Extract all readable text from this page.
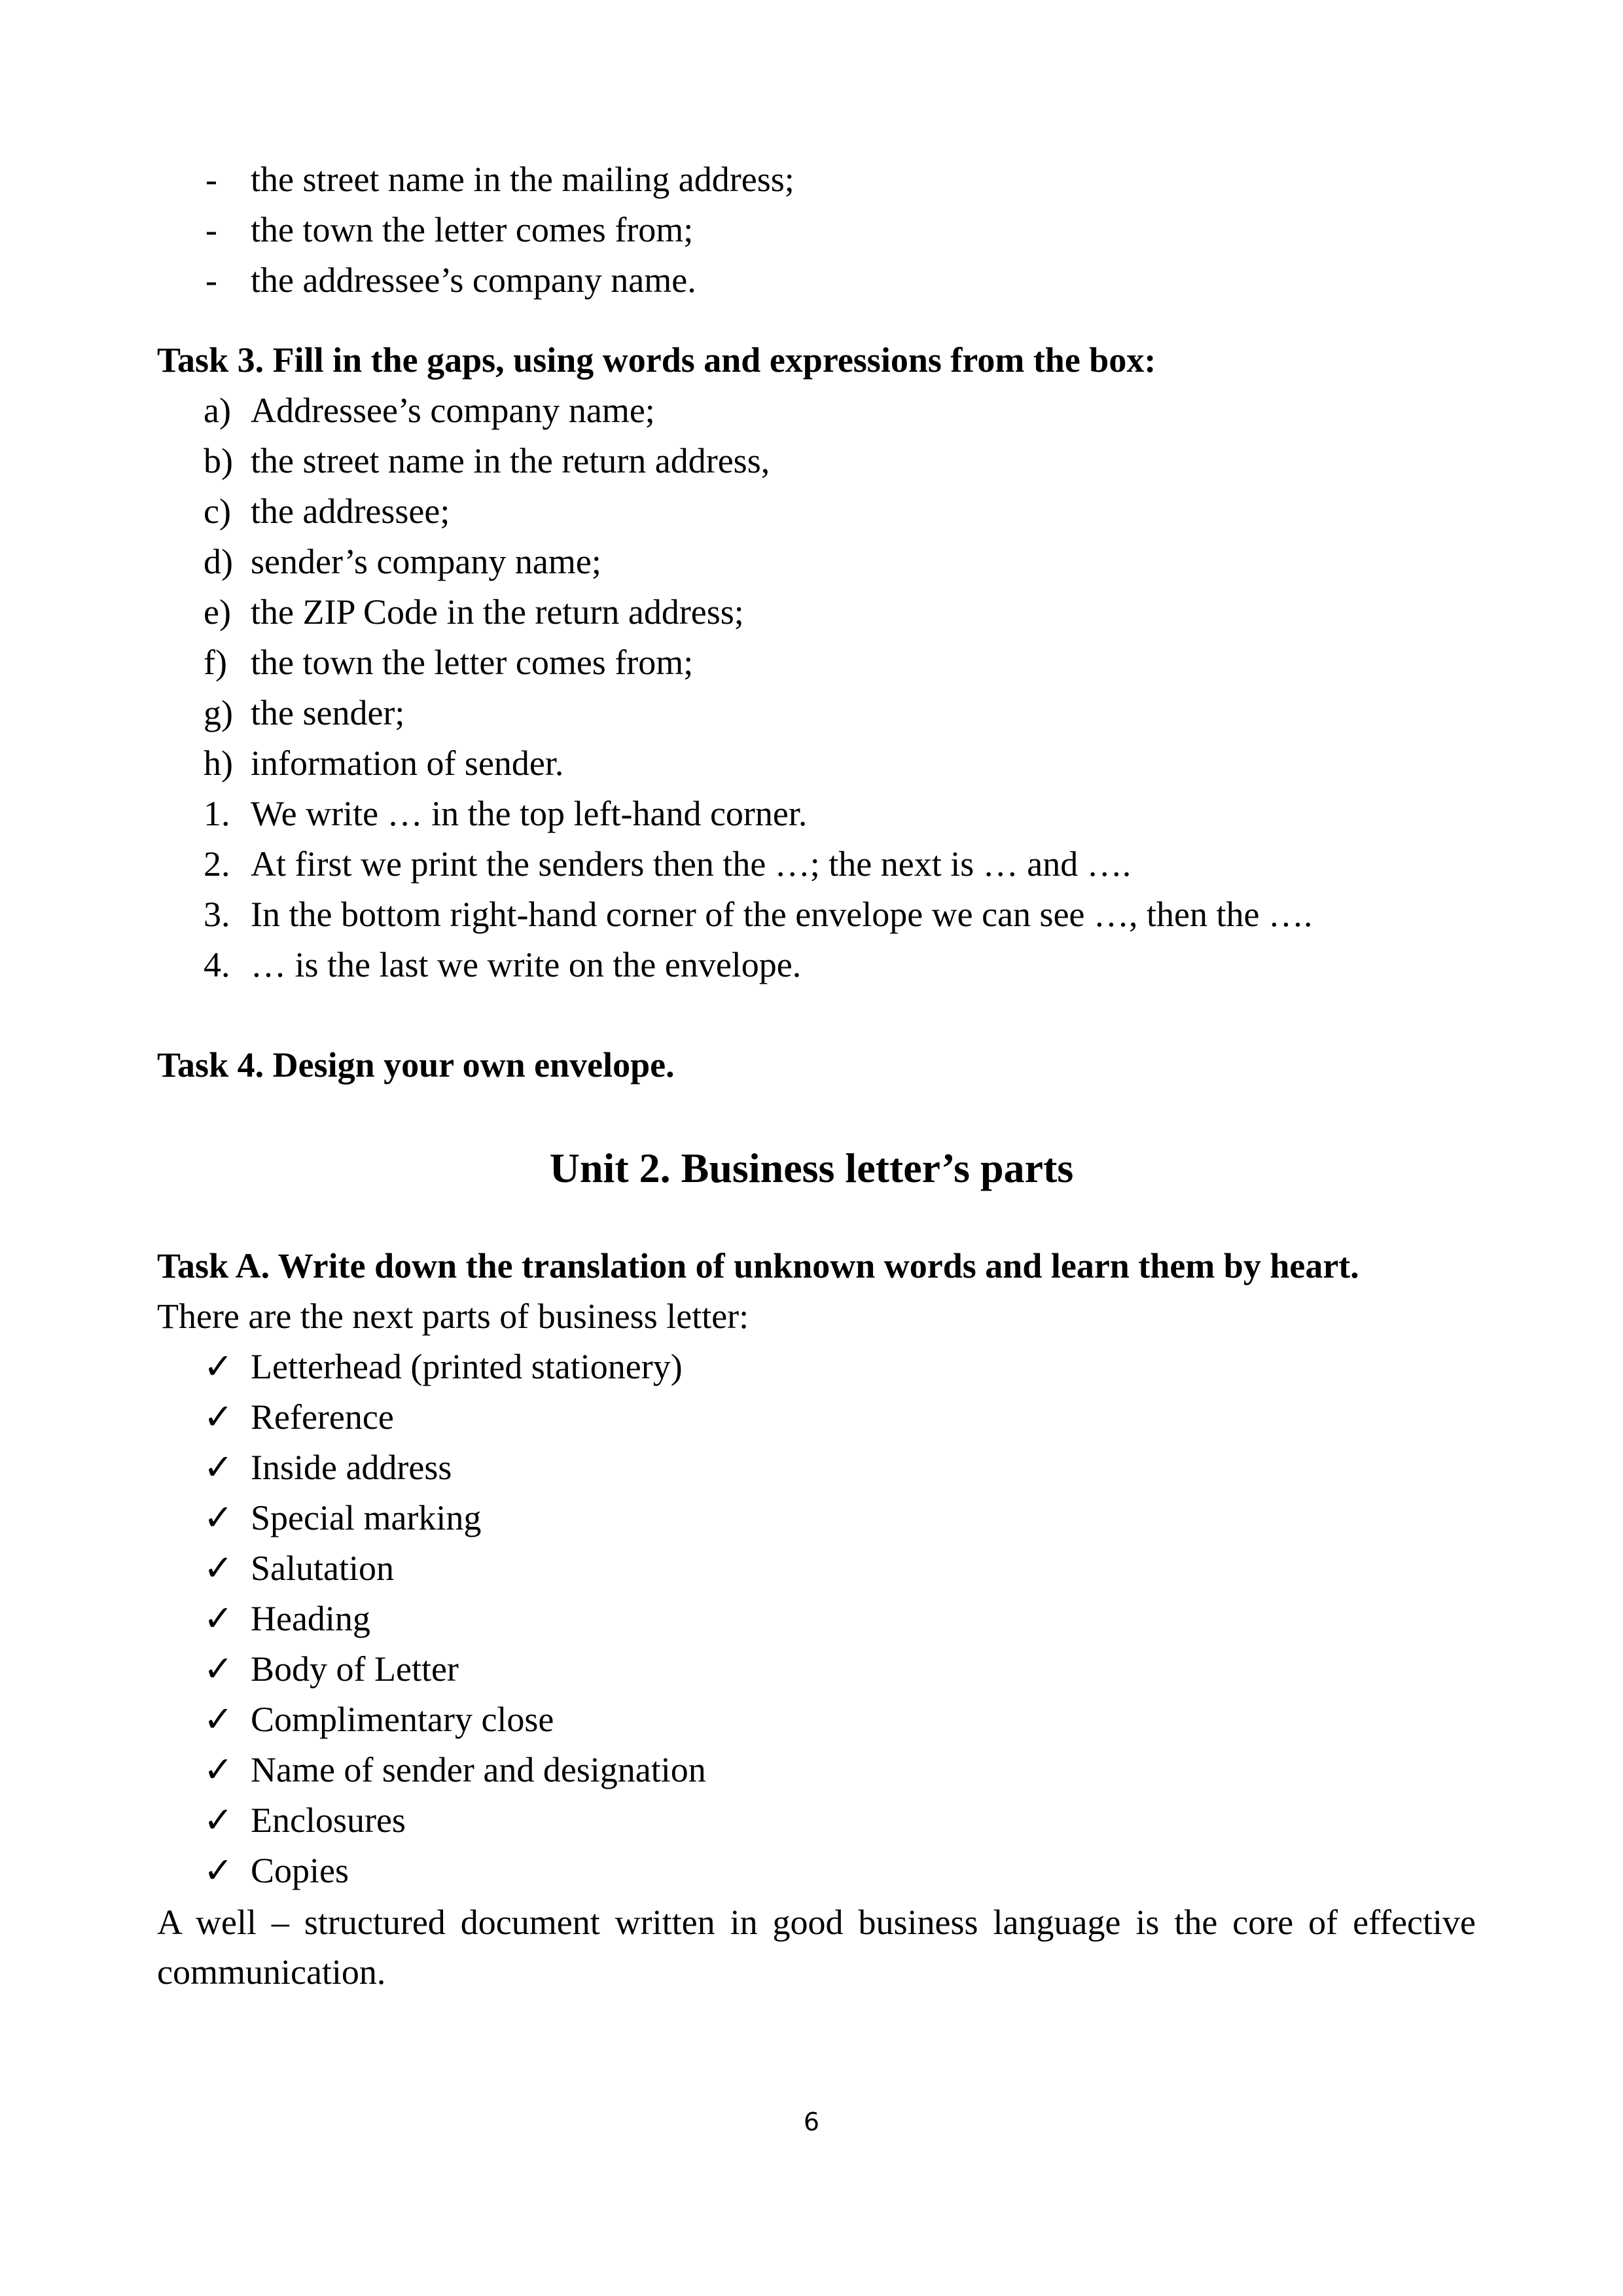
- the street name in the mailing address;
- the town the letter comes from;
- the addressee’s company name.
Task 3. Fill in the gaps, using words and expressions from the box:
a) Addressee’s company name;
b) the street name in the return address,
c) the addressee;
d) sender’s company name;
e) the ZIP Code in the return address;
f) the town the letter comes from;
g) the sender;
h) information of sender.
1. We write … in the top left-hand corner.
2. At first we print the senders then the …; the next is … and ….
3. In the bottom right-hand corner of the envelope we can see …, then the ….
4. … is the last we write on the envelope.
Task 4. Design your own envelope.
Unit 2. Business letter’s parts
Task A. Write down the translation of unknown words and learn them by heart.
There are the next parts of business letter:
✓ Letterhead (printed stationery)
✓ Reference
✓ Inside address
✓ Special marking
✓ Salutation
✓ Heading
✓ Body of Letter
✓ Complimentary close
✓ Name of sender and designation
✓ Enclosures
✓ Copies
A well – structured document written in good business language is the core of effective communication.
6
